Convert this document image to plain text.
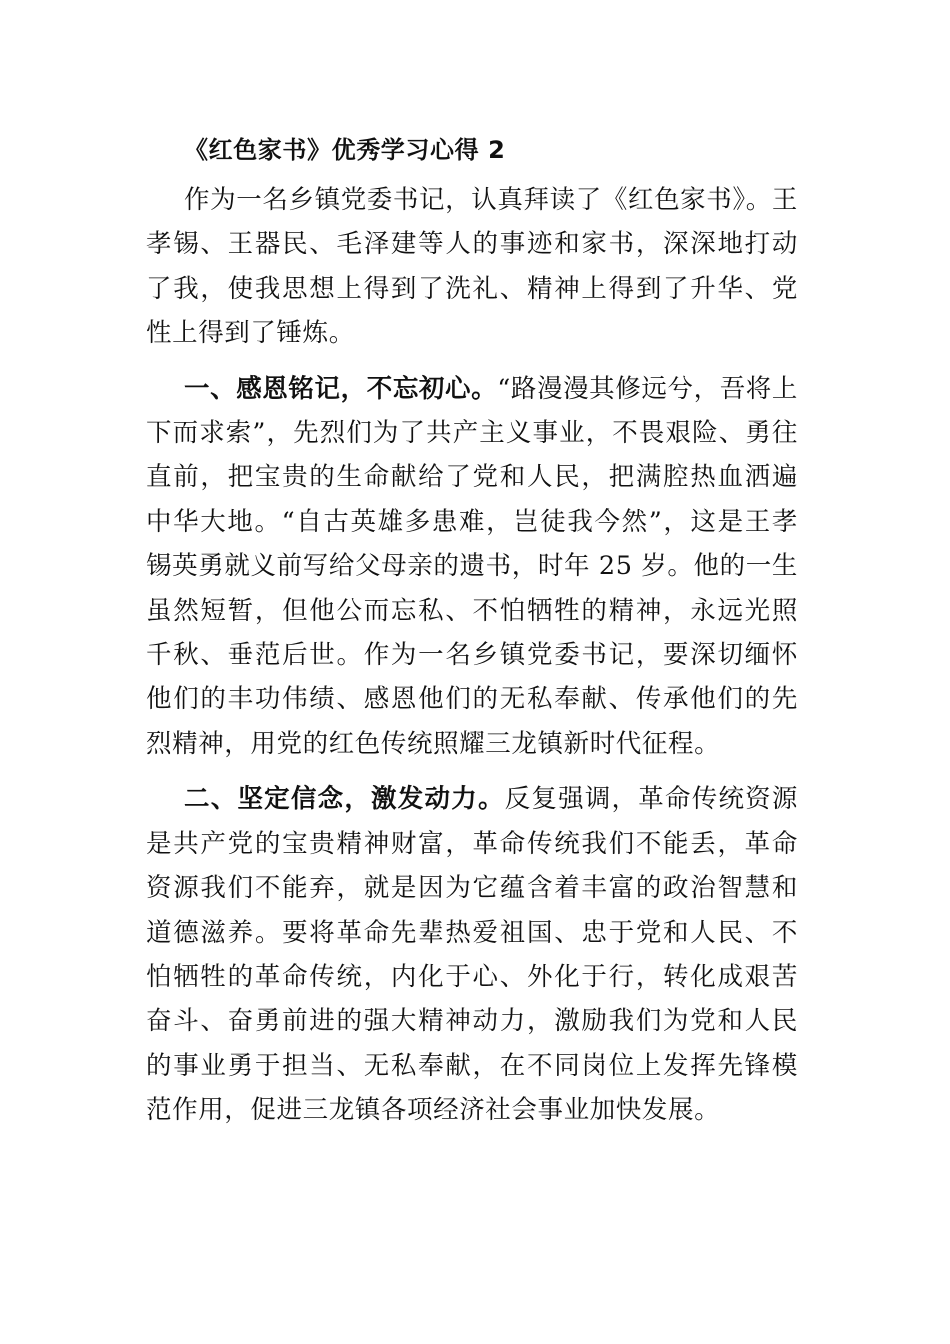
《红色家书》优秀学习心得 2

作为一名乡镇党委书记，认真拜读了《红色家书》。王孝锡、王器民、毛泽建等人的事迹和家书，深深地打动了我，使我思想上得到了洗礼、精神上得到了升华、党性上得到了锤炼。

一、感恩铭记，不忘初心。“路漫漫其修远兮，吾将上下而求索”，先烈们为了共产主义事业，不畏艰险、勇往直前，把宝贵的生命献给了党和人民，把满腔热血洒遍中华大地。“自古英雄多患难，岂徒我今然”，这是王孝锡英勇就义前写给父母亲的遗书，时年 25 岁。他的一生虽然短暂，但他公而忘私、不怕牺牲的精神，永远光照千秋、垂范后世。作为一名乡镇党委书记，要深切缅怀他们的丰功伟绩、感恩他们的无私奉献、传承他们的先烈精神，用党的红色传统照耀三龙镇新时代征程。

二、坚定信念，激发动力。反复强调，革命传统资源是共产党的宝贵精神财富，革命传统我们不能丢，革命资源我们不能弃，就是因为它蕴含着丰富的政治智慧和道德滋养。要将革命先辈热爱祖国、忠于党和人民、不怕牺牲的革命传统，内化于心、外化于行，转化成艰苦奋斗、奋勇前进的强大精神动力，激励我们为党和人民的事业勇于担当、无私奉献，在不同岗位上发挥先锋模范作用，促进三龙镇各项经济社会事业加快发展。
